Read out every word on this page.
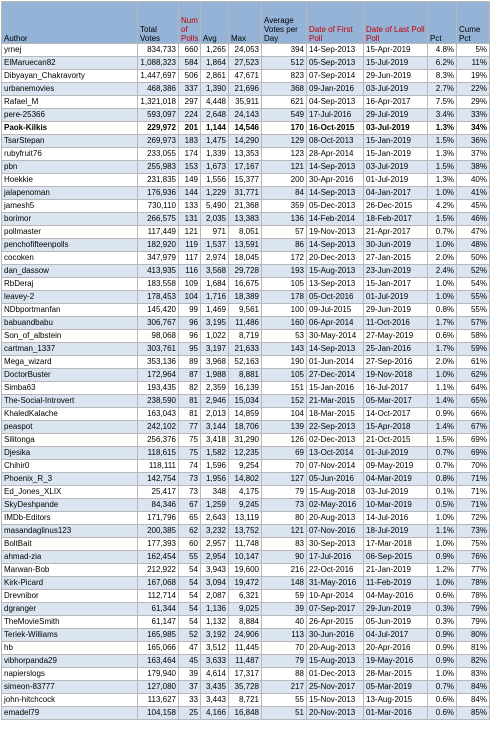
Author	Total Votes	Num of Polls	Avg	Max	Average Votes per Day	Date of First Poll	Date of Last Poll Poll	Pct	Cume Pct
yrnej	834,733	660	1,265	24,053	394	14-Sep-2013	15-Apr-2019	4.8%	5%
ElMaruecan82	1,088,323	584	1,864	27,523	512	05-Sep-2013	15-Jul-2019	6.2%	11%
Dibyayan_Chakravorty	1,447,697	506	2,861	47,671	823	07-Sep-2014	29-Jun-2019	8.3%	19%
urbanemovies	468,386	337	1,390	21,696	368	09-Jan-2016	03-Jul-2019	2.7%	22%
Rafael_M	1,321,018	297	4,448	35,911	621	04-Sep-2013	16-Apr-2017	7.5%	29%
pere-25366	593,097	224	2,648	24,143	549	17-Jul-2016	29-Jul-2019	3.4%	33%
Paok-Kilkis	229,972	201	1,144	14,546	170	16-Oct-2015	03-Jul-2019	1.3%	34%
TsarStepan	269,973	183	1,475	14,290	129	08-Oct-2013	15-Jan-2019	1.5%	36%
rubyfruit76	233,055	174	1,339	13,353	123	28-Apr-2014	15-Jan-2019	1.3%	37%
pbn	255,983	153	1,673	17,167	121	14-Sep-2013	03-Jul-2019	1.5%	38%
Hoekkie	231,835	149	1,556	15,377	200	30-Apr-2016	01-Jul-2019	1.3%	40%
jalapenoman	176,936	144	1,229	31,771	84	14-Sep-2013	04-Jan-2017	1.0%	41%
jamesh5	730,110	133	5,490	21,368	359	05-Dec-2013	26-Dec-2015	4.2%	45%
borimor	266,575	131	2,035	13,383	136	14-Feb-2014	18-Feb-2017	1.5%	46%
pollmaster	117,449	121	971	8,051	57	19-Nov-2013	21-Apr-2017	0.7%	47%
penchofifteenpolls	182,920	119	1,537	13,591	86	14-Sep-2013	30-Jun-2019	1.0%	48%
cocoken	347,979	117	2,974	18,045	172	20-Dec-2013	27-Jan-2015	2.0%	50%
dan_dassow	413,935	116	3,568	29,728	193	15-Aug-2013	23-Jun-2019	2.4%	52%
RbDeraj	183,558	109	1,684	16,675	105	13-Sep-2013	15-Jan-2017	1.0%	54%
leavey-2	178,453	104	1,716	18,389	178	05-Oct-2016	01-Jul-2019	1.0%	55%
NDbportmanfan	145,420	99	1,469	9,561	100	09-Jul-2015	29-Jun-2019	0.8%	55%
babuandbabu	306,767	96	3,195	11,486	160	06-Apr-2014	11-Oct-2016	1.7%	57%
Son_of_albstein	98,068	96	1,022	8,719	53	30-May-2014	27-May-2019	0.6%	58%
cartman_1337	303,761	95	3,197	21,633	143	14-Sep-2013	25-Jan-2016	1.7%	59%
Mega_wizard	353,136	89	3,968	52,163	190	01-Jun-2014	27-Sep-2016	2.0%	61%
DoctorBuster	172,964	87	1,988	8,881	105	27-Dec-2014	19-Nov-2018	1.0%	62%
Simba63	193,435	82	2,359	16,139	151	15-Jan-2016	16-Jul-2017	1.1%	64%
The-Social-Introvert	238,590	81	2,946	15,034	152	21-Mar-2015	05-Mar-2017	1.4%	65%
KhaledKalache	163,043	81	2,013	14,859	104	18-Mar-2015	14-Oct-2017	0.9%	66%
peaspot	242,102	77	3,144	18,706	139	22-Sep-2013	15-Apr-2018	1.4%	67%
Silitonga	256,376	75	3,418	31,290	126	02-Dec-2013	21-Oct-2015	1.5%	69%
Djesika	118,615	75	1,582	12,235	69	13-Oct-2014	01-Jul-2019	0.7%	69%
Chihir0	118,111	74	1,596	9,254	70	07-Nov-2014	09-May-2019	0.7%	70%
Phoenix_R_3	142,754	73	1,956	14,802	127	05-Jun-2016	04-Mar-2019	0.8%	71%
Ed_Jones_XLIX	25,417	73	348	4,175	79	15-Aug-2018	03-Jul-2019	0.1%	71%
SkyDeshpande	84,346	67	1,259	9,245	73	02-May-2016	10-Mar-2019	0.5%	71%
IMDb-Editors	171,796	65	2,643	13,119	80	20-Aug-2013	14-Jul-2016	1.0%	72%
masandaglinus123	200,385	62	3,232	13,752	121	07-Nov-2016	18-Jul-2019	1.1%	73%
BoltBait	177,393	60	2,957	11,748	83	30-Sep-2013	17-Mar-2018	1.0%	75%
ahmad-zia	162,454	55	2,954	10,147	90	17-Jul-2016	06-Sep-2015	0.9%	76%
Marwan-Bob	212,922	54	3,943	19,600	216	22-Oct-2016	21-Jan-2019	1.2%	77%
Kirk-Picard	167,068	54	3,094	19,472	148	31-May-2016	11-Feb-2019	1.0%	78%
Drevnibor	112,714	54	2,087	6,321	59	10-Apr-2014	04-May-2016	0.6%	78%
dgranger	61,344	54	1,136	9,025	39	07-Sep-2017	29-Jun-2019	0.3%	79%
TheMovieSmith	61,147	54	1,132	8,884	40	26-Apr-2015	05-Jun-2019	0.3%	79%
Teriek-Williams	165,985	52	3,192	24,906	113	30-Jun-2016	04-Jul-2017	0.9%	80%
hb	165,066	47	3,512	11,445	70	20-Aug-2013	20-Apr-2016	0.9%	81%
vibhorpanda29	163,464	45	3,633	11,487	79	15-Aug-2013	19-May-2016	0.9%	82%
napierslogs	179,940	39	4,614	17,317	88	01-Dec-2013	28-Mar-2015	1.0%	83%
simeon-83777	127,080	37	3,435	35,728	217	25-Nov-2017	05-Mar-2019	0.7%	84%
john-hitchcock	113,627	33	3,443	8,721	55	15-Nov-2013	13-Aug-2015	0.6%	84%
emadel79	104,158	25	4,166	16,848	51	20-Nov-2013	01-Mar-2016	0.6%	85%
